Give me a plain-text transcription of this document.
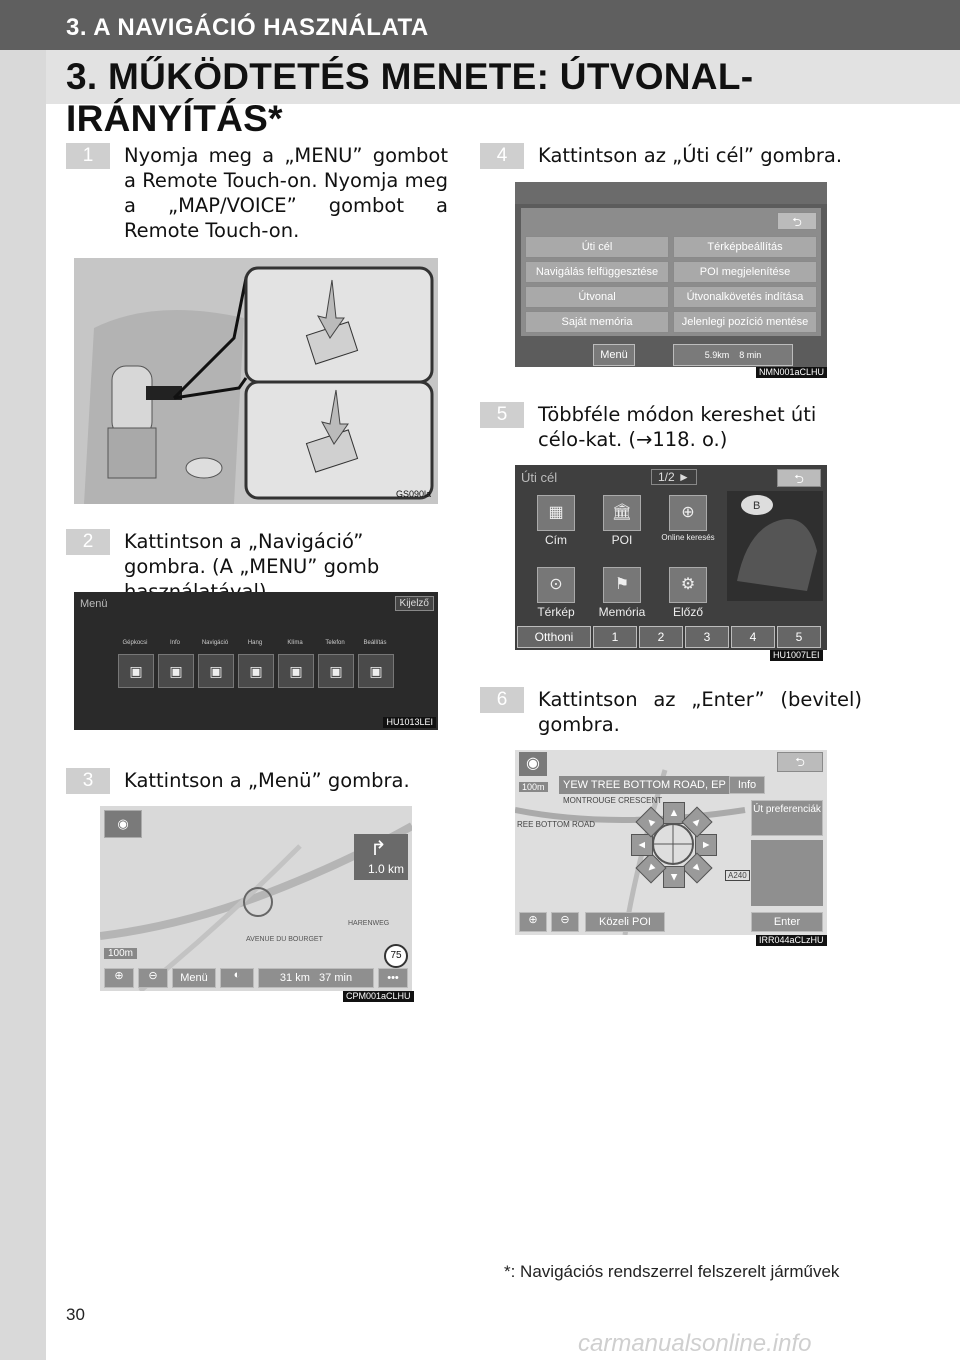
3. A NAVIGÁCIÓ HASZNÁLATA
3. MŰKÖDTETÉS MENETE: ÚTVONAL-IRÁNYÍTÁS*
1	Nyomja meg a „MENU” gombot a Remote Touch-on. Nyomja meg a „MAP/VOICE” gombot a Remote Touch-on.
GS090la
2	Kattintson a „Navigáció” gombra. (A „MENU” gomb
Menü	Kijelző
Gépkocsi
▣
Info
▣
Navigáció
▣
Hang
▣
Klíma
▣
Telefon
▣
Beállítás
▣
HU1013LEI
3	Kattintson a „Menü” gombra.
◉
↱
1.0 km
AVENUE DU BOURGET
HARENWEG
100m	75
⊕	⊖	Menü	◐	31 km 37 min	•••
CPM001aCLHU
4	Kattintson az „Úti cél” gombra.
⮌
Úti cél	Térképbeállítás
Navigálás felfüggesztése	POI megjelenítése
Útvonal	Útvonalkövetés indítása
Saját memória	Jelenlegi pozíció mentése
Menü	5.9km 8 min
NMN001aCLHU
5	Többféle módon kereshet úti célo-kat. (→118. o.)
Úti cél	1/2 ►	⮌
B
▦
Cím
🏛
POI
⊕
Online keresés
⊙
Térkép
⚑
Memória
⚙
Előző
Otthoni	1	2	3	4	5
HU1007LEI
6	Kattintson az „Enter” (bevitel) gombra.
▲
▲
▲
▲
▲
▲
▲
▲
◉
100m	YEW TREE BOTTOM ROAD, EP	Info
⮌
Út preferenciák
MONTROUGE CRESCENT
REE BOTTOM ROAD
A240
⊕	⊖	Közeli POI	Enter
IRR044aCLzHU
*: Navigációs rendszerrel felszerelt járművek
30
carmanualsonline.info
